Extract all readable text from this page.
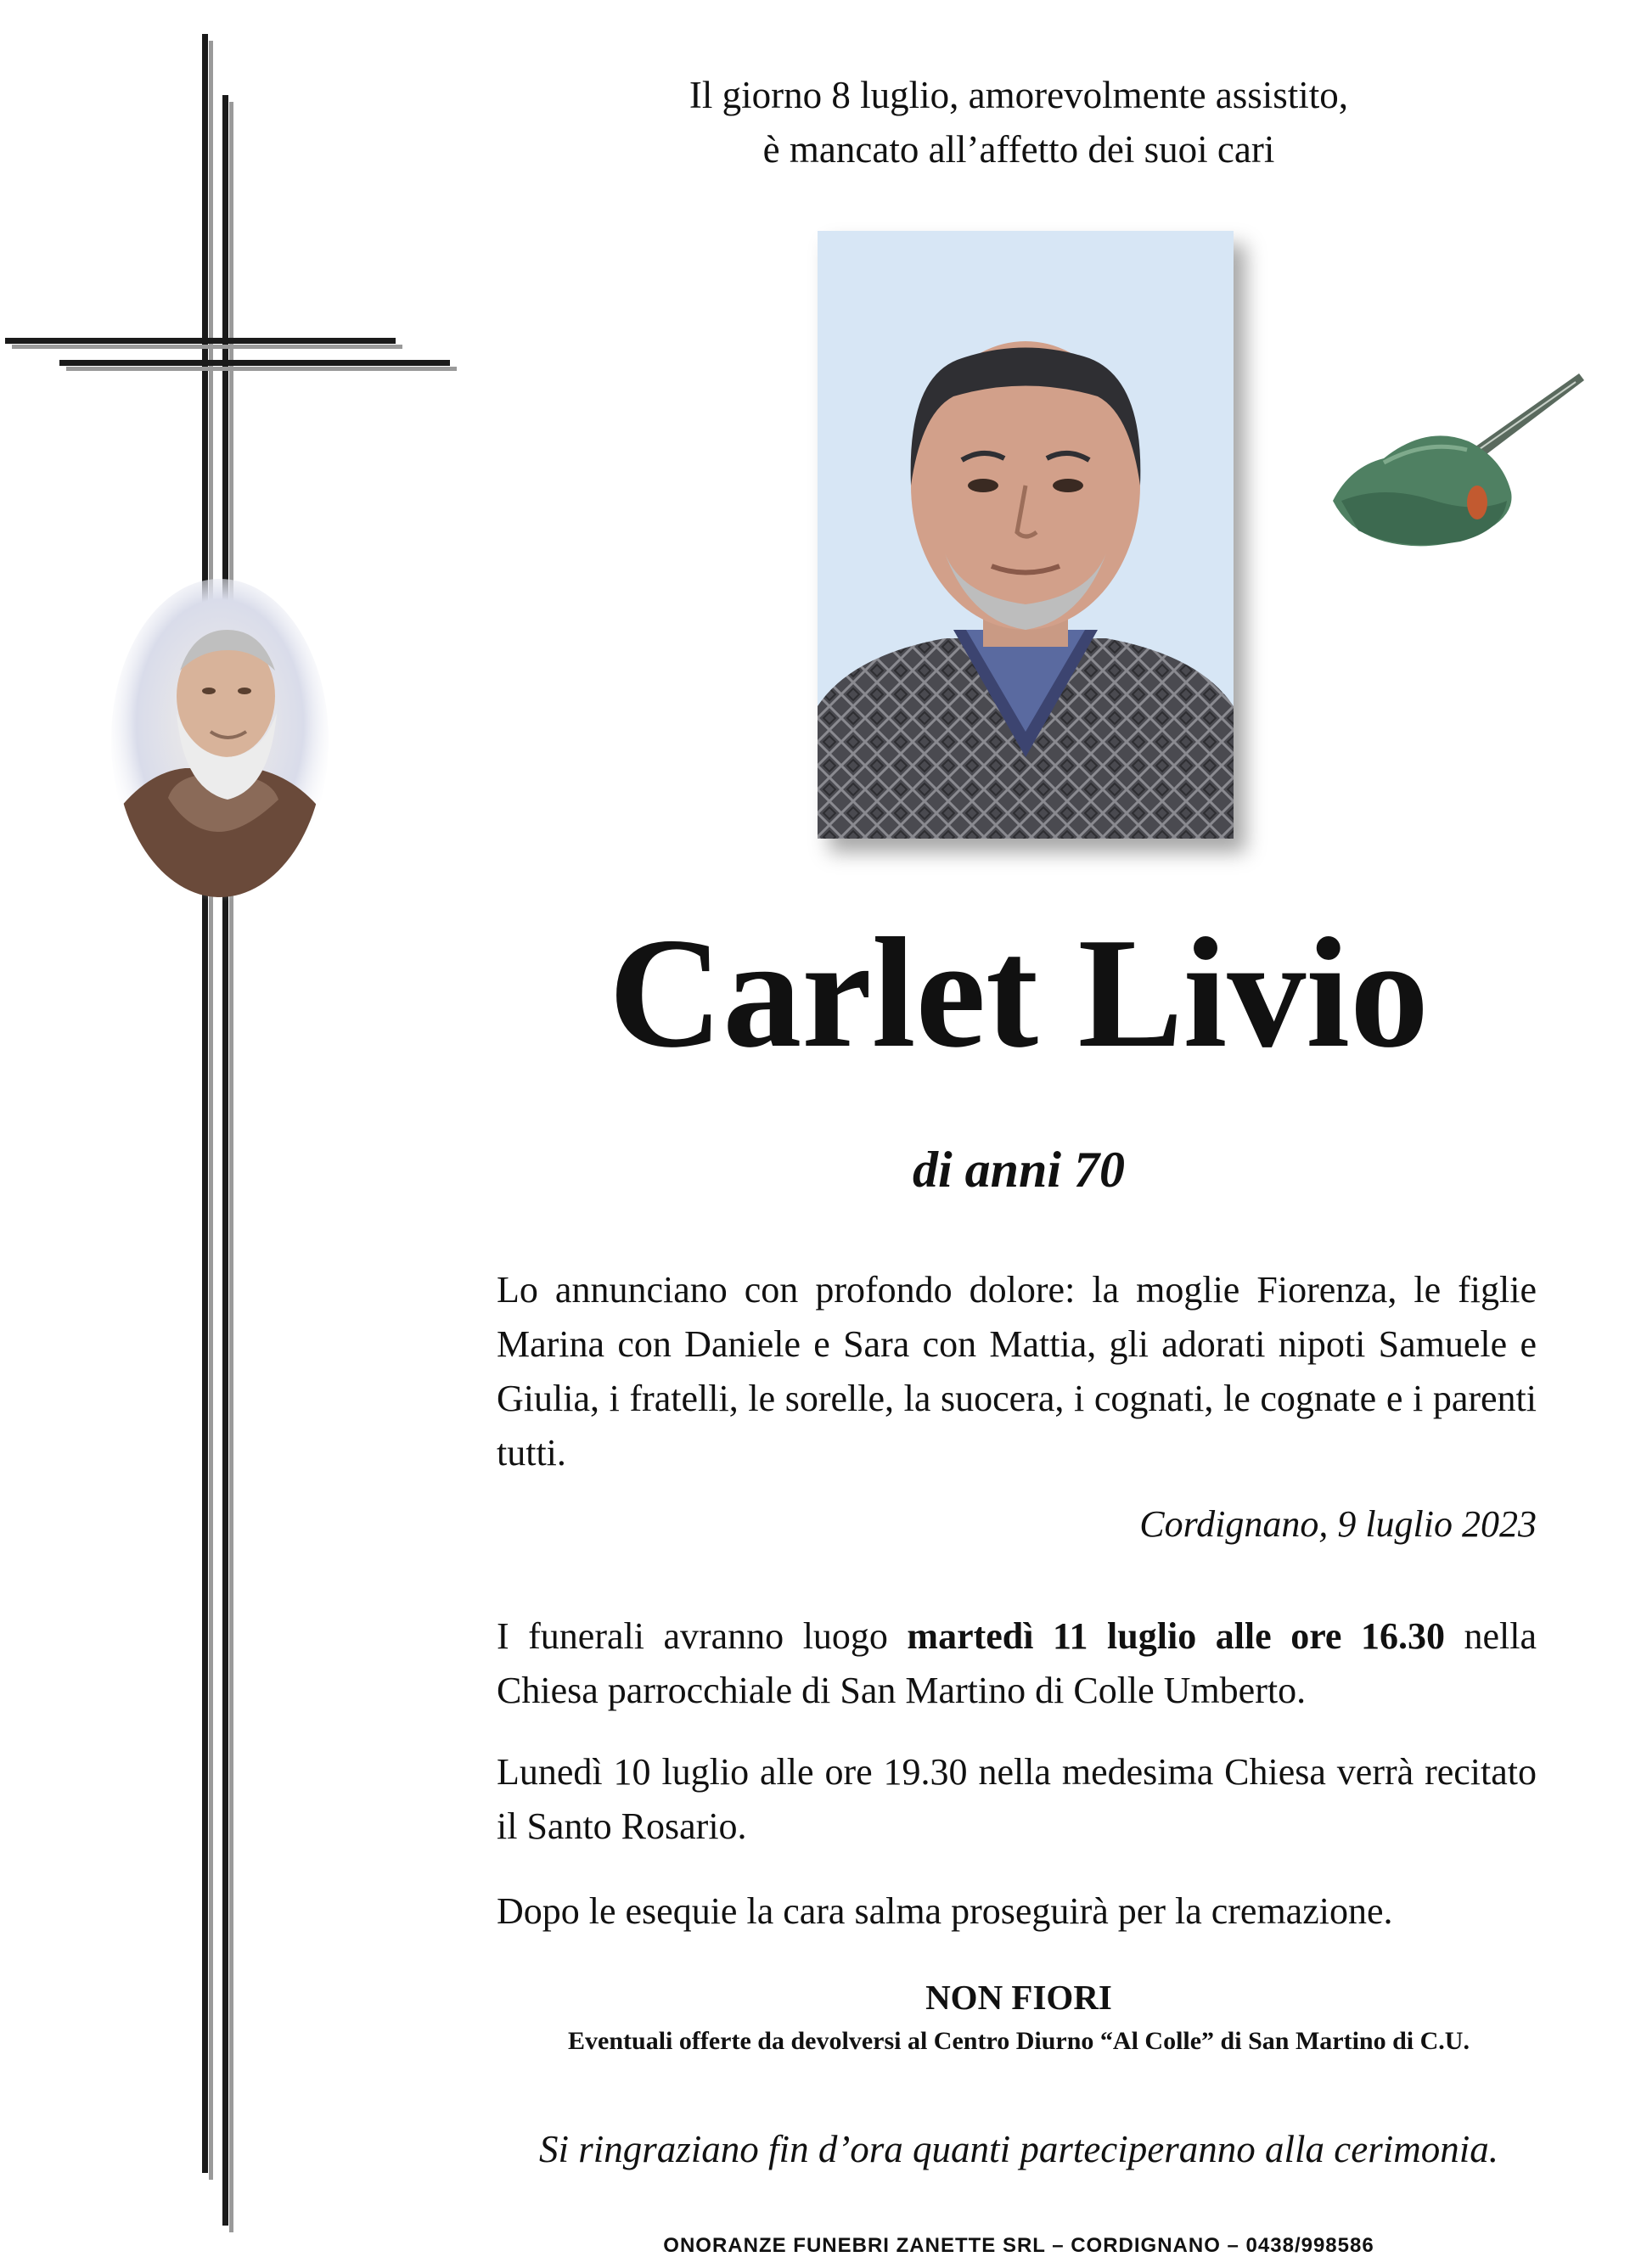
Il giorno 8 luglio, amorevolmente assistito,
è mancato all’affetto dei suoi cari
Carlet Livio
di anni 70
Lo annunciano con profondo dolore: la moglie Fiorenza, le figlie Marina con Daniele e Sara con Mattia, gli adorati nipoti Samuele e Giulia, i fratelli, le sorelle, la suocera, i cognati, le cognate e i parenti tutti.
Cordignano, 9 luglio 2023
I funerali avranno luogo martedì 11 luglio alle ore 16.30 nella Chiesa parrocchiale di San Martino di Colle Umberto.
Lunedì 10 luglio alle ore 19.30 nella medesima Chiesa verrà recitato il Santo Rosario.
Dopo le esequie la cara salma proseguirà per la cremazione.
NON FIORI
Eventuali offerte da devolversi al Centro Diurno “Al Colle” di San Martino di C.U.
Si ringraziano fin d’ora quanti parteciperanno alla cerimonia.
ONORANZE FUNEBRI ZANETTE SRL – CORDIGNANO – 0438/998586
